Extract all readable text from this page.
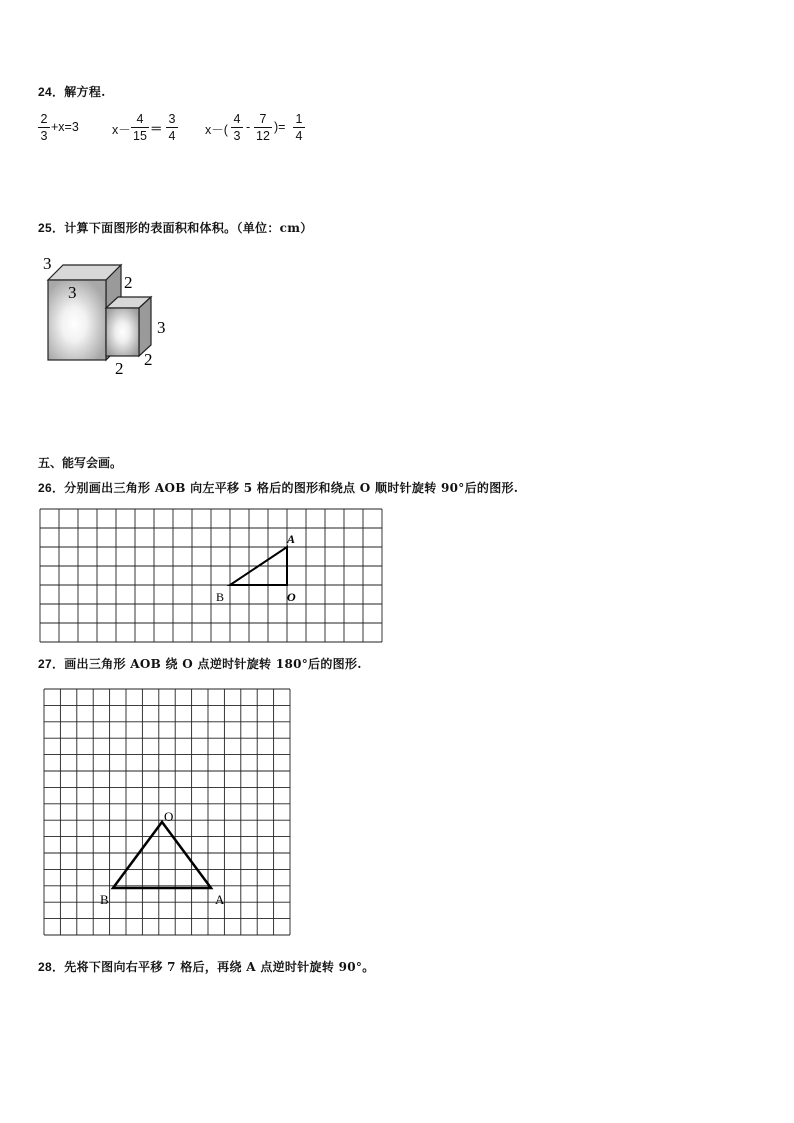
24．解方程.
2
3
+x=3	x－
4
15 ＝
3
4 x－(
4
3
-
7
12
)=
1
4
25．计算下面图形的表面积和体积。（单位：cm）
3
3
2
3
2 2
五、能写会画。
26．分别画出三角形 AOB 向左平移 5 格后的图形和绕点 O 顺时针旋转 90°后的图形.
A
B	O
27．画出三角形 AOB 绕 O 点逆时针旋转 180°后的图形.
O
B	A
28．先将下图向右平移 7 格后，再绕 A 点逆时针旋转 90°。
